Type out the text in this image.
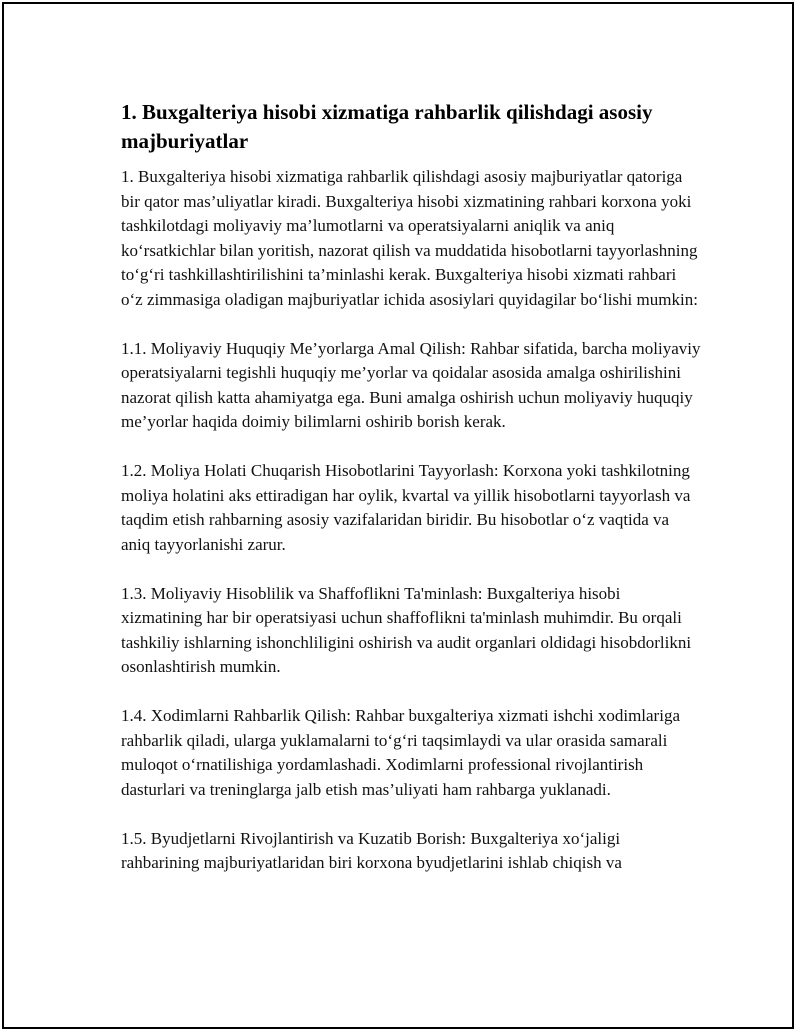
1. Buxgalteriya hisobi xizmatiga rahbarlik qilishdagi asosiy majburiyatlar

1. Buxgalteriya hisobi xizmatiga rahbarlik qilishdagi asosiy majburiyatlar qatoriga bir qator mas’uliyatlar kiradi. Buxgalteriya hisobi xizmatining rahbari korxona yoki tashkilotdagi moliyaviy ma’lumotlarni va operatsiyalarni aniqlik va aniq ko‘rsatkichlar bilan yoritish, nazorat qilish va muddatida hisobotlarni tayyorlashning to‘g‘ri tashkillashtirilishini ta’minlashi kerak. Buxgalteriya hisobi xizmati rahbari o‘z zimmasiga oladigan majburiyatlar ichida asosiylari quyidagilar bo‘lishi mumkin:

1.1. Moliyaviy Huquqiy Me’yorlarga Amal Qilish: Rahbar sifatida, barcha moliyaviy operatsiyalarni tegishli huquqiy me’yorlar va qoidalar asosida amalga oshirilishini nazorat qilish katta ahamiyatga ega. Buni amalga oshirish uchun moliyaviy huquqiy me’yorlar haqida doimiy bilimlarni oshirib borish kerak.

1.2. Moliya Holati Chuqarish Hisobotlarini Tayyorlash: Korxona yoki tashkilotning moliya holatini aks ettiradigan har oylik, kvartal va yillik hisobotlarni tayyorlash va taqdim etish rahbarning asosiy vazifalaridan biridir. Bu hisobotlar o‘z vaqtida va aniq tayyorlanishi zarur.

1.3. Moliyaviy Hisoblilik va Shaffoflikni Ta'minlash: Buxgalteriya hisobi xizmatining har bir operatsiyasi uchun shaffoflikni ta'minlash muhimdir. Bu orqali tashkiliy ishlarning ishonchliligini oshirish va audit organlari oldidagi hisobdorlikni osonlashtirish mumkin.

1.4. Xodimlarni Rahbarlik Qilish: Rahbar buxgalteriya xizmati ishchi xodimlariga rahbarlik qiladi, ularga yuklamalarni to‘g‘ri taqsimlaydi va ular orasida samarali muloqot o‘rnatilishiga yordamlashadi. Xodimlarni professional rivojlantirish dasturlari va treninglarga jalb etish mas’uliyati ham rahbarga yuklanadi.

1.5. Byudjetlarni Rivojlantirish va Kuzatib Borish: Buxgalteriya xo‘jaligi rahbarining majburiyatlaridan biri korxona byudjetlarini ishlab chiqish va
